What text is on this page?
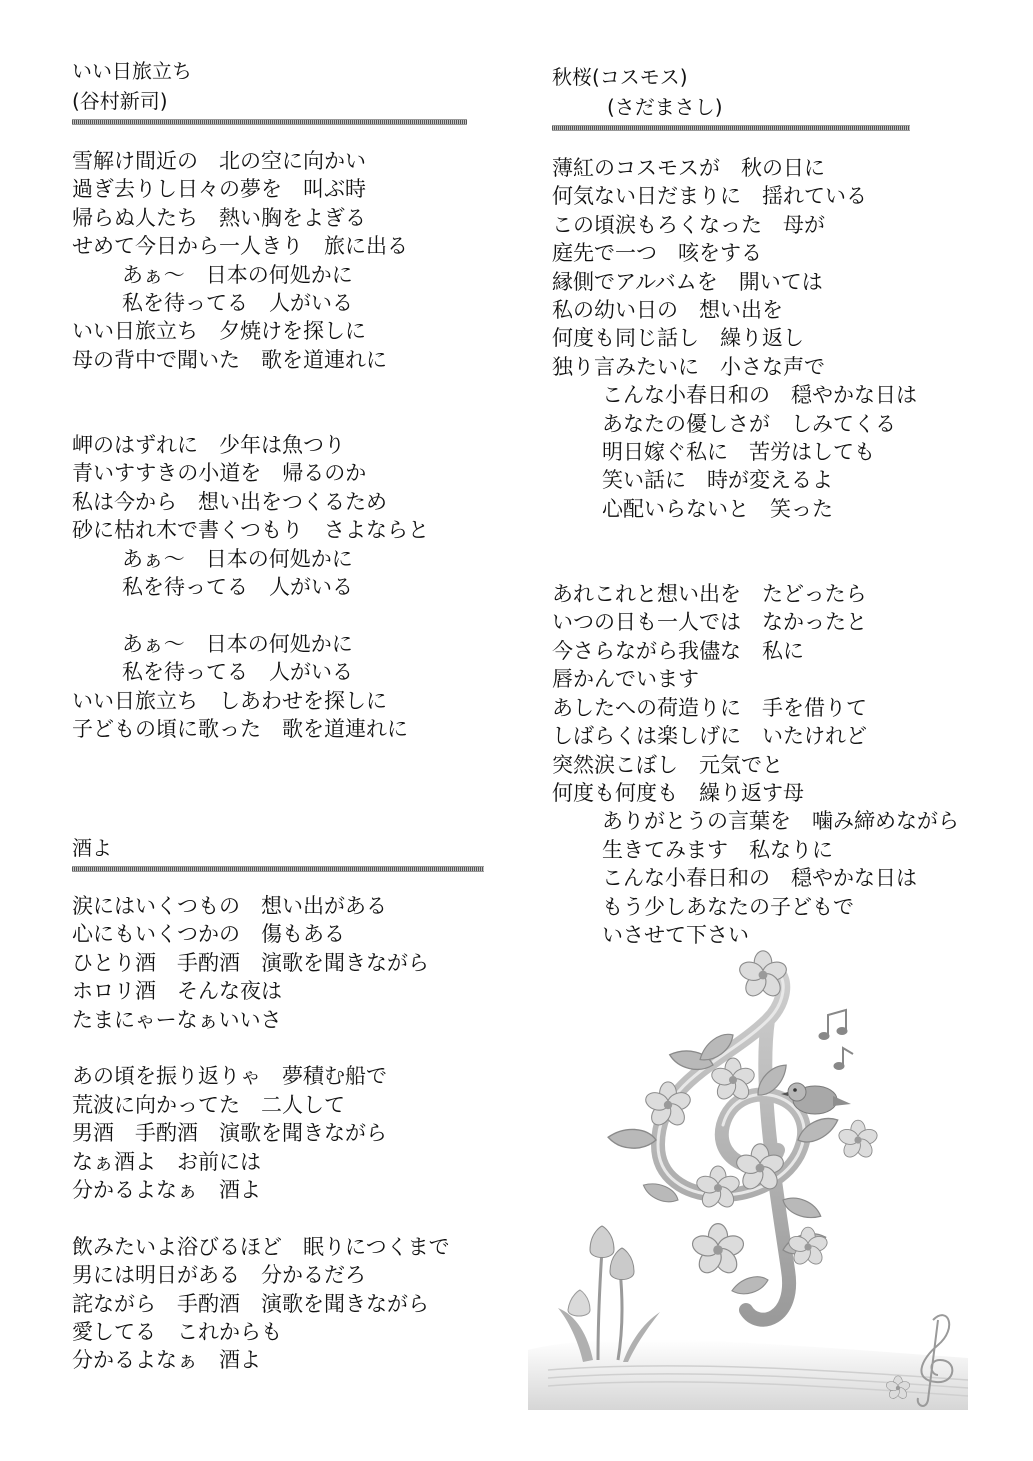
いい日旅立ち
(谷村新司)
雪解け間近の　北の空に向かい
過ぎ去りし日々の夢を　叫ぶ時
帰らぬ人たち　熱い胸をよぎる
せめて今日から一人きり　旅に出る
あぁ～　日本の何処かに
私を待ってる　人がいる
いい日旅立ち　夕焼けを探しに
母の背中で聞いた　歌を道連れに
岬のはずれに　少年は魚つり
青いすすきの小道を　帰るのか
私は今から　想い出をつくるため
砂に枯れ木で書くつもり　さよならと
あぁ～　日本の何処かに
私を待ってる　人がいる
あぁ～　日本の何処かに
私を待ってる　人がいる
いい日旅立ち　しあわせを探しに
子どもの頃に歌った　歌を道連れに
酒よ
涙にはいくつもの　想い出がある
心にもいくつかの　傷もある
ひとり酒　手酌酒　演歌を聞きながら
ホロリ酒　そんな夜は
たまにゃーなぁいいさ
あの頃を振り返りゃ　夢積む船で
荒波に向かってた　二人して
男酒　手酌酒　演歌を聞きながら
なぁ酒よ　お前には
分かるよなぁ　酒よ
飲みたいよ浴びるほど　眠りにつくまで
男には明日がある　分かるだろ
詫ながら　手酌酒　演歌を聞きながら
愛してる　これからも
分かるよなぁ　酒よ
秋桜(コスモス)
(さだまさし)
薄紅のコスモスが　秋の日に
何気ない日だまりに　揺れている
この頃涙もろくなった　母が
庭先で一つ　咳をする
縁側でアルバムを　開いては
私の幼い日の　想い出を
何度も同じ話し　繰り返し
独り言みたいに　小さな声で
こんな小春日和の　穏やかな日は
あなたの優しさが　しみてくる
明日嫁ぐ私に　苦労はしても
笑い話に　時が変えるよ
心配いらないと　笑った
あれこれと想い出を　たどったら
いつの日も一人では　なかったと
今さらながら我儘な　私に
唇かんでいます
あしたへの荷造りに　手を借りて
しばらくは楽しげに　いたけれど
突然涙こぼし　元気でと
何度も何度も　繰り返す母
ありがとうの言葉を　噛み締めながら
生きてみます　私なりに
こんな小春日和の　穏やかな日は
もう少しあなたの子どもで
いさせて下さい
